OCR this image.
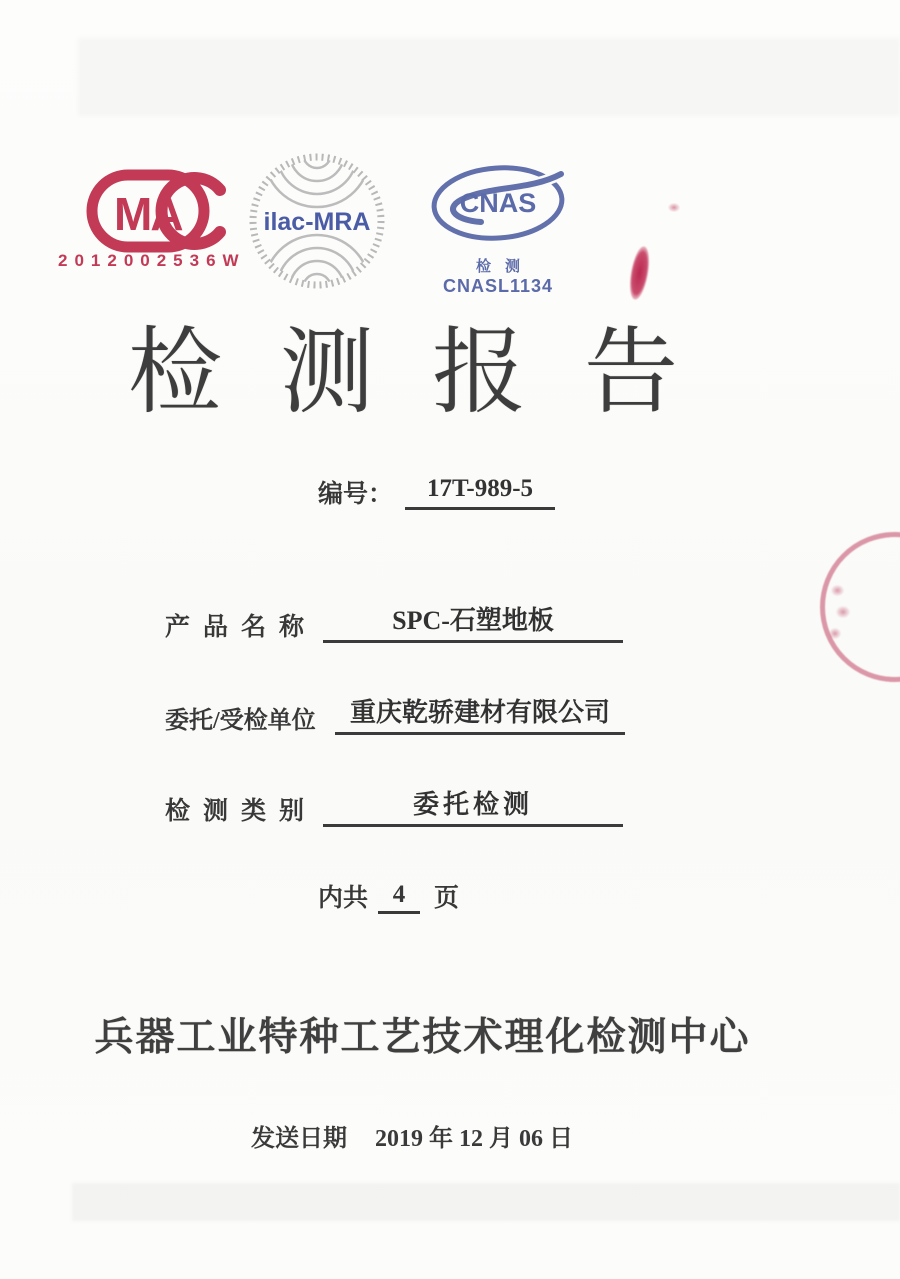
MA
2012002536W
ilac-MRA
CNAS
检测
CNASL1134
检测报告
编号：	17T-989-5
产品名称	SPC-石塑地板
委托/受检单位	重庆乾骄建材有限公司
检测类别	委托检测
内共 4	页
兵器工业特种工艺技术理化检测中心
发送日期 2019 年 12 月 06 日
